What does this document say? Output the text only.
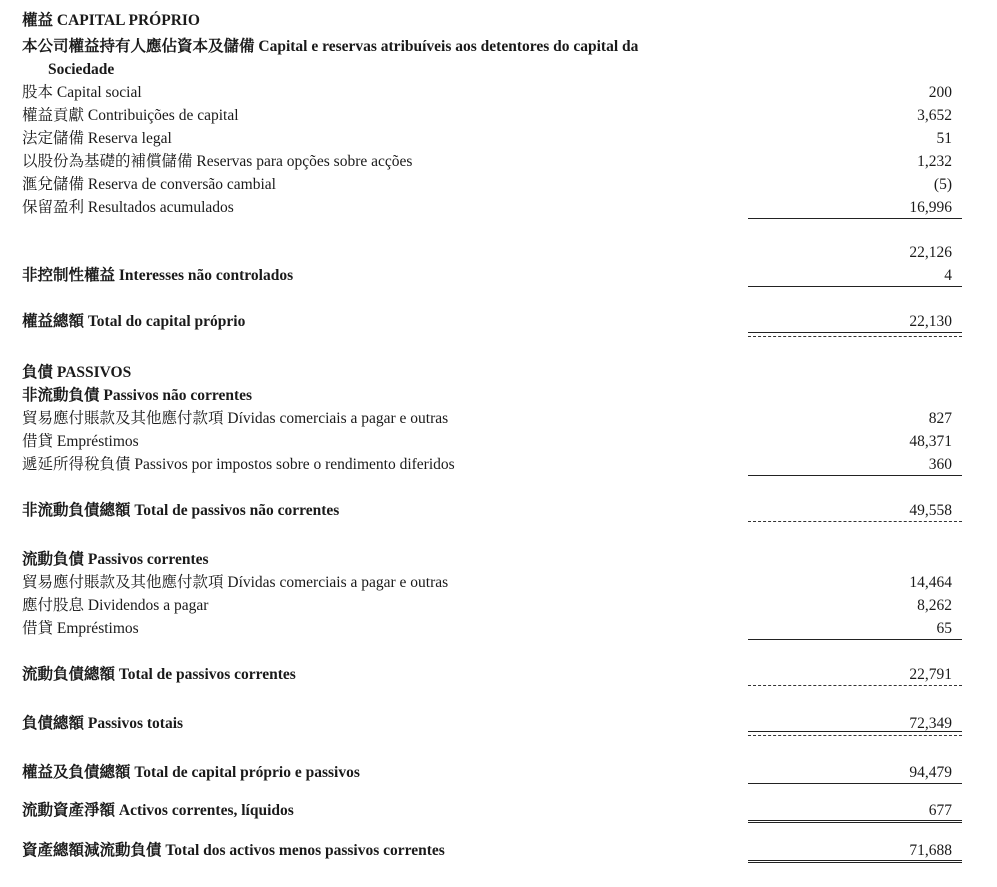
權益 CAPITAL PRÓPRIO
本公司權益持有人應佔資本及儲備 Capital e reservas atribuíveis aos detentores do capital da
Sociedade
股本 Capital social	200
權益貢獻 Contribuições de capital	3,652
法定儲備 Reserva legal	51
以股份為基礎的補償儲備 Reservas para opções sobre acções	1,232
滙兌儲備 Reserva de conversão cambial	(5)
保留盈利 Resultados acumulados	16,996
22,126
非控制性權益 Interesses não controlados	4
權益總額 Total do capital próprio	22,130
負債 PASSIVOS
非流動負債 Passivos não correntes
貿易應付賬款及其他應付款項 Dívidas comerciais a pagar e outras	827
借貸 Empréstimos	48,371
遞延所得稅負債 Passivos por impostos sobre o rendimento diferidos	360
非流動負債總額 Total de passivos não correntes	49,558
流動負債 Passivos correntes
貿易應付賬款及其他應付款項 Dívidas comerciais a pagar e outras	14,464
應付股息 Dividendos a pagar	8,262
借貸 Empréstimos	65
流動負債總額 Total de passivos correntes	22,791
負債總額 Passivos totais	72,349
權益及負債總額 Total de capital próprio e passivos	94,479
流動資產淨額 Activos correntes, líquidos	677
資產總額減流動負債 Total dos activos menos passivos correntes	71,688
